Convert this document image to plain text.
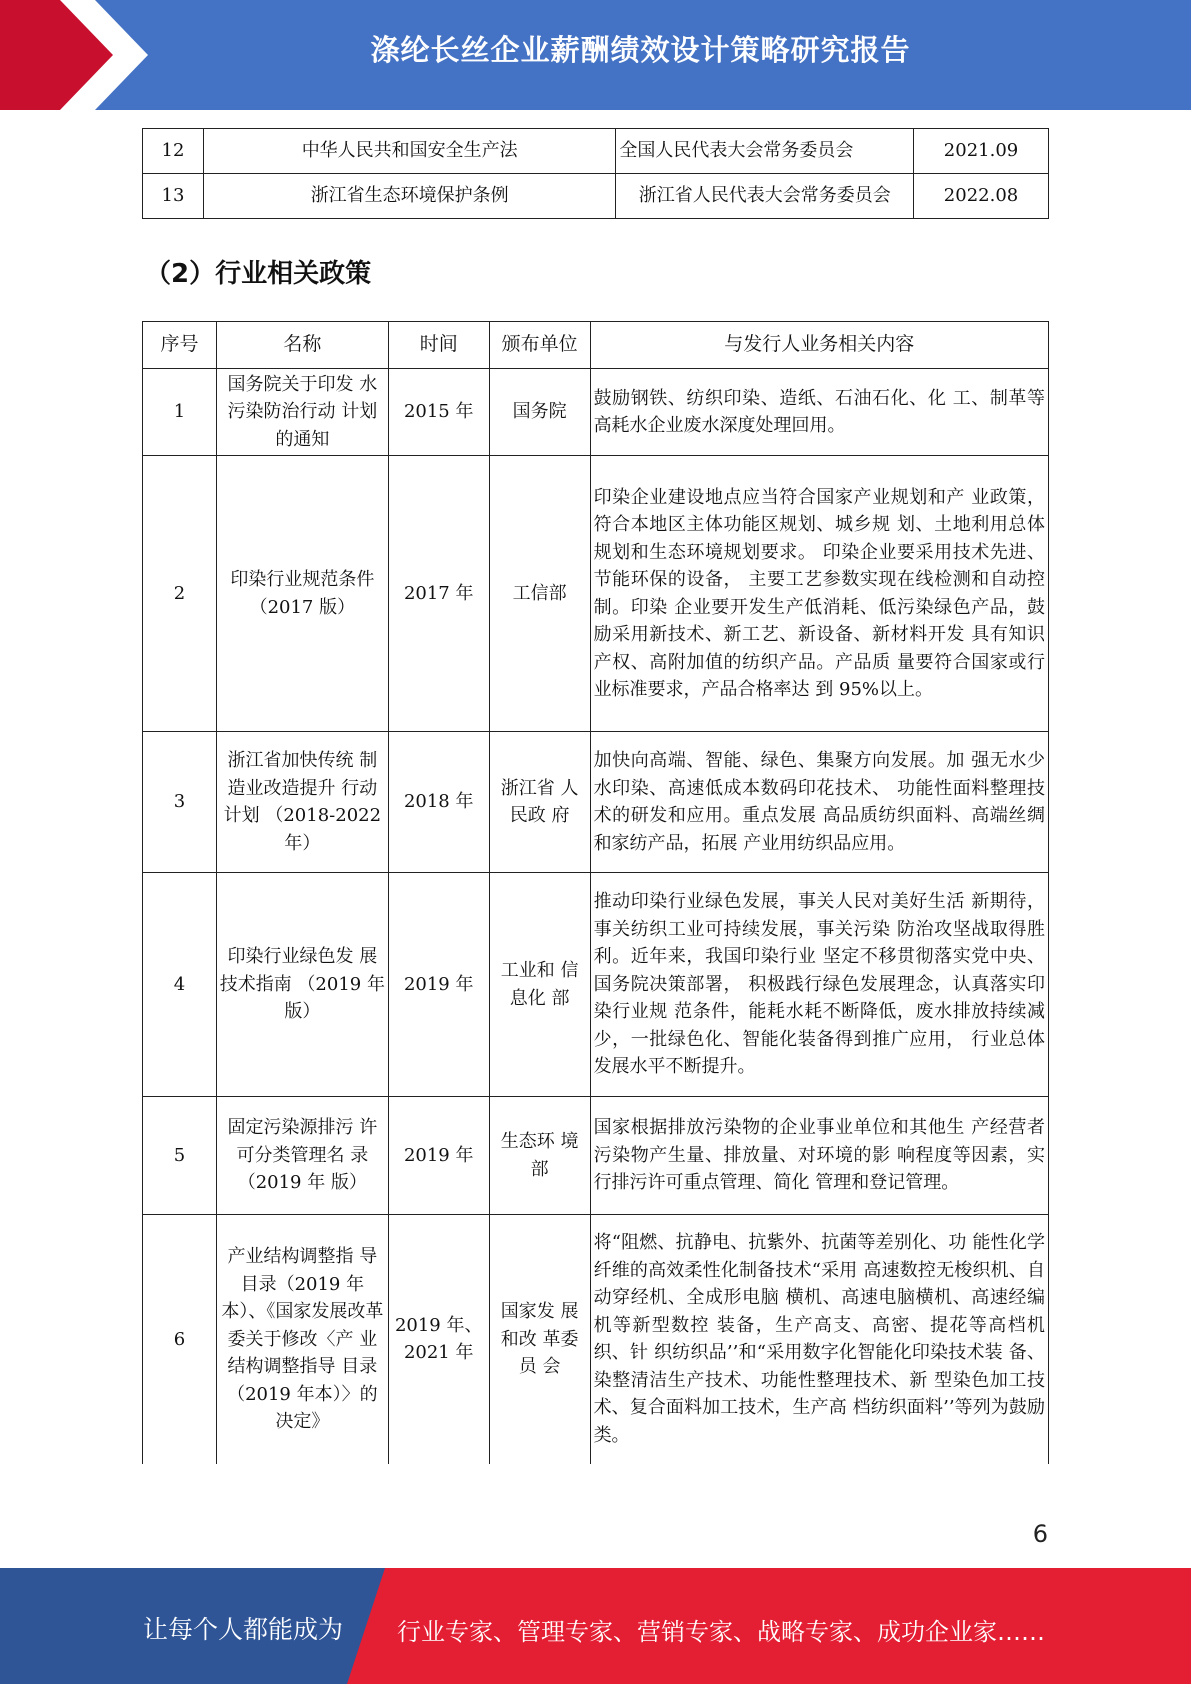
涤纶长丝企业薪酬绩效设计策略研究报告
12	中华人民共和国安全生产法	全国人民代表大会常务委员会	2021.09
13	浙江省生态环境保护条例	浙江省人民代表大会常务委员会	2022.08
（2）行业相关政策
序号	名称	时间	颁布单位	与发行人业务相关内容
1	国务院关于印发 水污染防治行动 计划的通知	2015 年	国务院	鼓励钢铁、纺织印染、造纸、石油石化、化 工、制革等高耗水企业废水深度处理回用。
2	印染行业规范条件（2017 版）	2017 年	工信部	印染企业建设地点应当符合国家产业规划和产 业政策，符合本地区主体功能区规划、城乡规 划、土地利用总体规划和生态环境规划要求。 印染企业要采用技术先进、节能环保的设备， 主要工艺参数实现在线检测和自动控制。印染 企业要开发生产低消耗、低污染绿色产品，鼓 励采用新技术、新工艺、新设备、新材料开发 具有知识产权、高附加值的纺织产品。产品质 量要符合国家或行业标准要求，产品合格率达 到 95%以上。
3	浙江省加快传统 制造业改造提升 行动计划 （2018-2022 年）	2018 年	浙江省 人民政 府	加快向高端、智能、绿色、集聚方向发展。加 强无水少水印染、高速低成本数码印花技术、 功能性面料整理技术的研发和应用。重点发展 高品质纺织面料、高端丝绸和家纺产品，拓展 产业用纺织品应用。
4	印染行业绿色发 展技术指南 （2019 年版）	2019 年	工业和 信息化 部	推动印染行业绿色发展，事关人民对美好生活 新期待，事关纺织工业可持续发展，事关污染 防治攻坚战取得胜利。近年来，我国印染行业 坚定不移贯彻落实党中央、国务院决策部署， 积极践行绿色发展理念，认真落实印染行业规 范条件，能耗水耗不断降低，废水排放持续减 少，一批绿色化、智能化装备得到推广应用， 行业总体发展水平不断提升。
5	固定污染源排污 许可分类管理名 录（2019 年 版）	2019 年	生态环 境部	国家根据排放污染物的企业事业单位和其他生 产经营者污染物产生量、排放量、对环境的影 响程度等因素，实行排污许可重点管理、简化 管理和登记管理。
6	产业结构调整指 导目录（2019 年本）、《国家发展改革 委关于修改〈产 业结构调整指导 目录（2019 年本）〉的决定》	2019 年、2021 年	国家发 展和改 革委员 会	将“阻燃、抗静电、抗紫外、抗菌等差别化、功 能性化学纤维的高效柔性化制备技术“采用 高速数控无梭织机、自动穿经机、全成形电脑 横机、高速电脑横机、高速经编机等新型数控 装备，生产高支、高密、提花等高档机织、针 织纺织品’’和“采用数字化智能化印染技术装 备、染整清洁生产技术、功能性整理技术、新 型染色加工技术、复合面料加工技术，生产高 档纺织面料’’等列为鼓励类。
6
让每个人都能成为 行业专家、管理专家、营销专家、战略专家、成功企业家……
